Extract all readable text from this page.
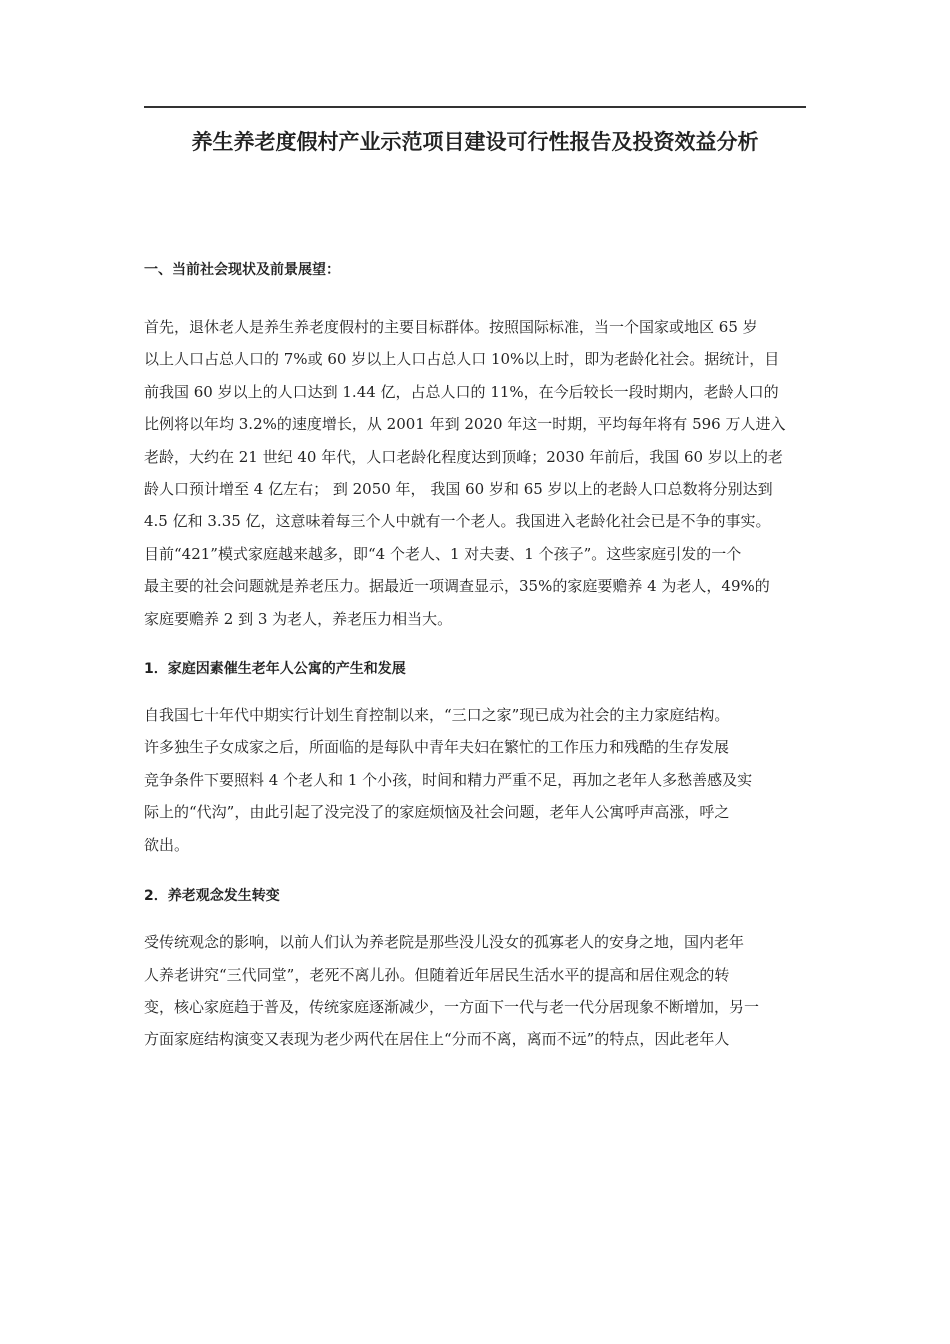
养生养老度假村产业示范项目建设可行性报告及投资效益分析
一、当前社会现状及前景展望：
首先，退休老人是养生养老度假村的主要目标群体。按照国际标准，当一个国家或地区 65 岁
以上人口占总人口的 7%或 60 岁以上人口占总人口 10%以上时，即为老龄化社会。据统计，目
前我国 60 岁以上的人口达到 1.44 亿，占总人口的 11%，在今后较长一段时期内，老龄人口的
比例将以年均 3.2%的速度增长，从 2001 年到 2020 年这一时期，平均每年将有 596 万人进入
老龄，大约在 21 世纪 40 年代，人口老龄化程度达到顶峰；2030 年前后，我国 60 岁以上的老
龄人口预计增至 4 亿左右； 到 2050 年， 我国 60 岁和 65 岁以上的老龄人口总数将分别达到
4.5 亿和 3.35 亿，这意味着每三个人中就有一个老人。我国进入老龄化社会已是不争的事实。
目前“421”模式家庭越来越多，即“4 个老人、1 对夫妻、1 个孩子”。这些家庭引发的一个
最主要的社会问题就是养老压力。据最近一项调查显示，35%的家庭要赡养 4 为老人，49%的
家庭要赡养 2 到 3 为老人，养老压力相当大。
1．家庭因素催生老年人公寓的产生和发展
自我国七十年代中期实行计划生育控制以来，“三口之家”现已成为社会的主力家庭结构。
许多独生子女成家之后，所面临的是每队中青年夫妇在繁忙的工作压力和残酷的生存发展
竞争条件下要照料 4 个老人和 1 个小孩，时间和精力严重不足，再加之老年人多愁善感及实
际上的“代沟”，由此引起了没完没了的家庭烦恼及社会问题，老年人公寓呼声高涨，呼之
欲出。
2．养老观念发生转变
受传统观念的影响，以前人们认为养老院是那些没儿没女的孤寡老人的安身之地，国内老年
人养老讲究“三代同堂”，老死不离儿孙。但随着近年居民生活水平的提高和居住观念的转
变，核心家庭趋于普及，传统家庭逐渐减少，一方面下一代与老一代分居现象不断增加，另一
方面家庭结构演变又表现为老少两代在居住上“分而不离，离而不远”的特点，因此老年人
